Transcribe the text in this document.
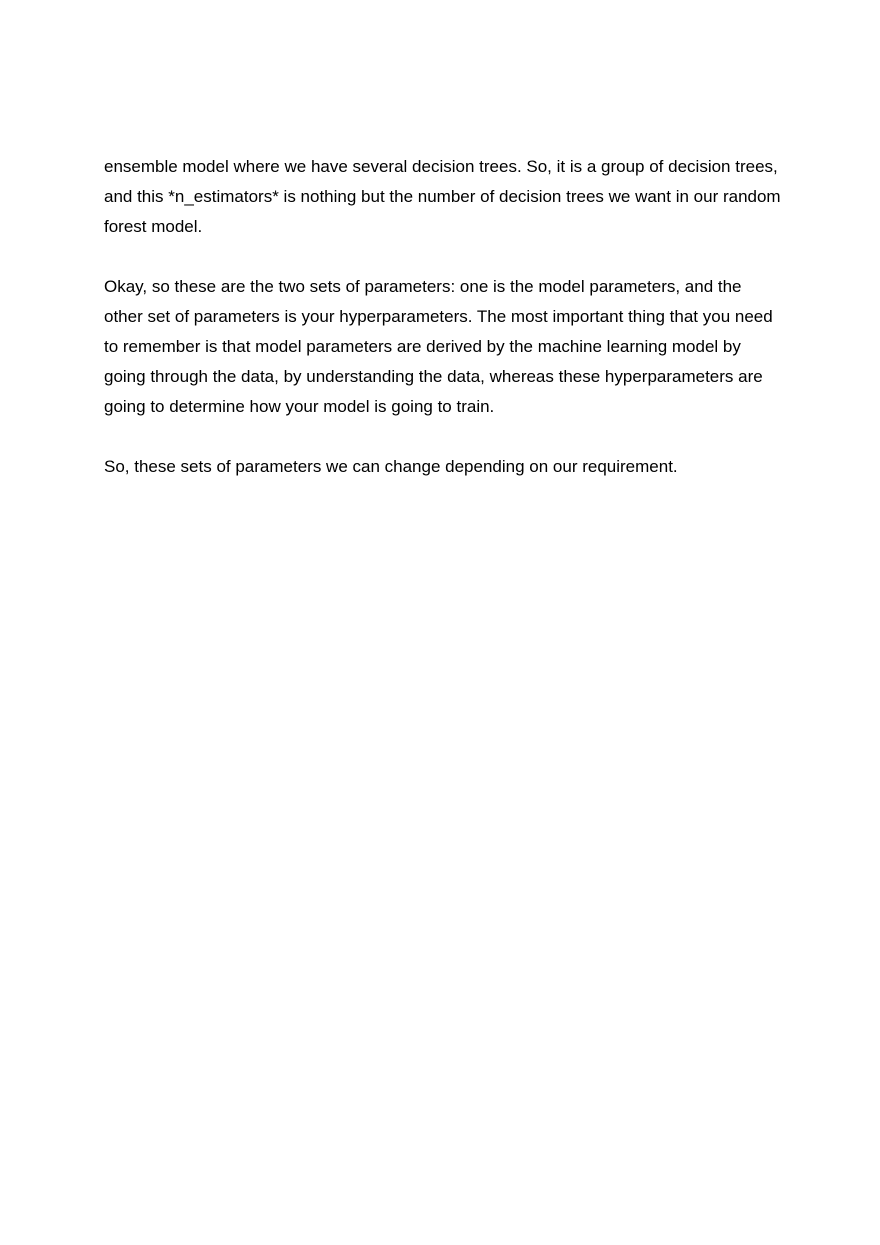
ensemble model where we have several decision trees. So, it is a group of decision trees, and this *n_estimators* is nothing but the number of decision trees we want in our random forest model.

Okay, so these are the two sets of parameters: one is the model parameters, and the other set of parameters is your hyperparameters. The most important thing that you need to remember is that model parameters are derived by the machine learning model by going through the data, by understanding the data, whereas these hyperparameters are going to determine how your model is going to train.

So, these sets of parameters we can change depending on our requirement.
